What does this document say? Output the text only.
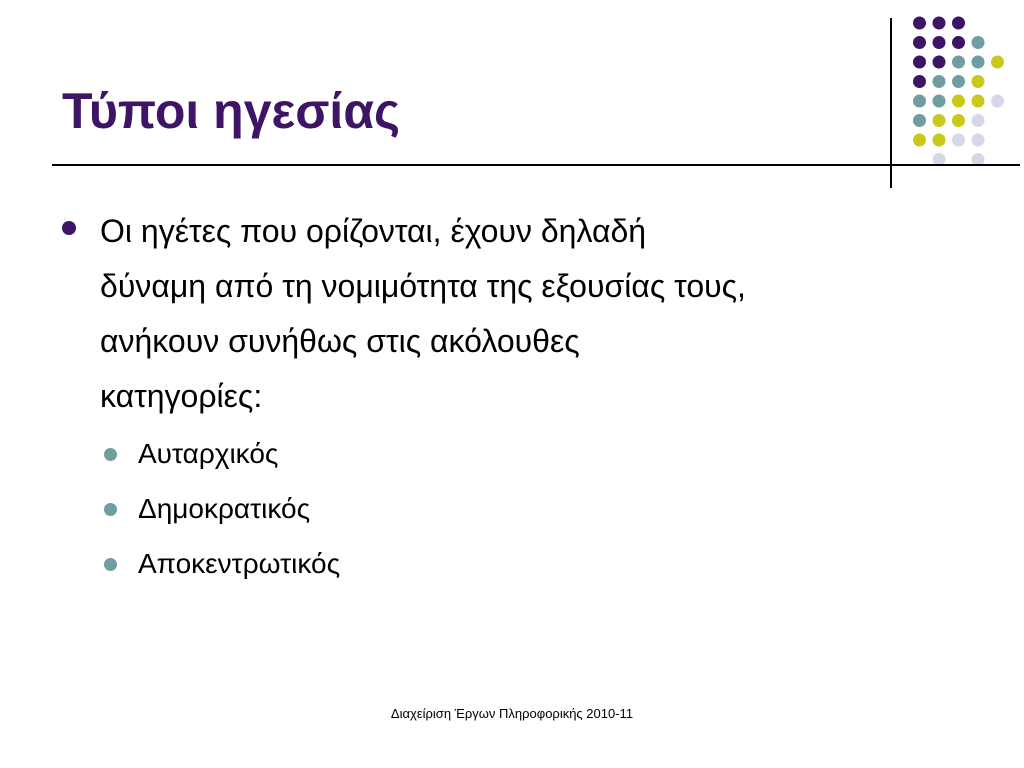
Τύποι ηγεσίας
Οι ηγέτες που ορίζονται, έχουν δηλαδή
δύναμη από τη νομιμότητα της εξουσίας τους,
ανήκουν συνήθως στις ακόλουθες
κατηγορίες:
Αυταρχικός
Δημοκρατικός
Αποκεντρωτικός
Διαχείριση Έργων Πληροφορικής 2010-11
